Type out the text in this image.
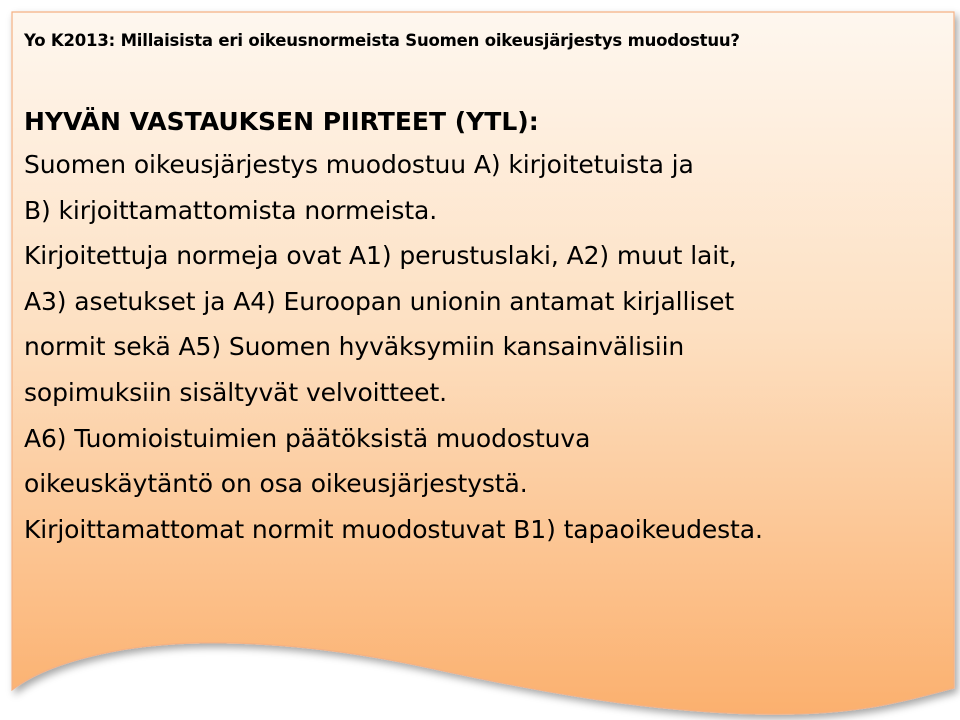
Yo K2013: Millaisista eri oikeusnormeista Suomen oikeusjärjestys muodostuu?

HYVÄN VASTAUKSEN PIIRTEET (YTL):

Suomen oikeusjärjestys muodostuu A) kirjoitetuista ja

B) kirjoittamattomista normeista.

Kirjoitettuja normeja ovat A1) perustuslaki, A2) muut lait,

A3) asetukset ja A4) Euroopan unionin antamat kirjalliset

normit sekä A5) Suomen hyväksymiin kansainvälisiin

sopimuksiin sisältyvät velvoitteet.

A6) Tuomioistuimien päätöksistä muodostuva

oikeuskäytäntö on osa oikeusjärjestystä.

Kirjoittamattomat normit muodostuvat B1) tapaoikeudesta.
